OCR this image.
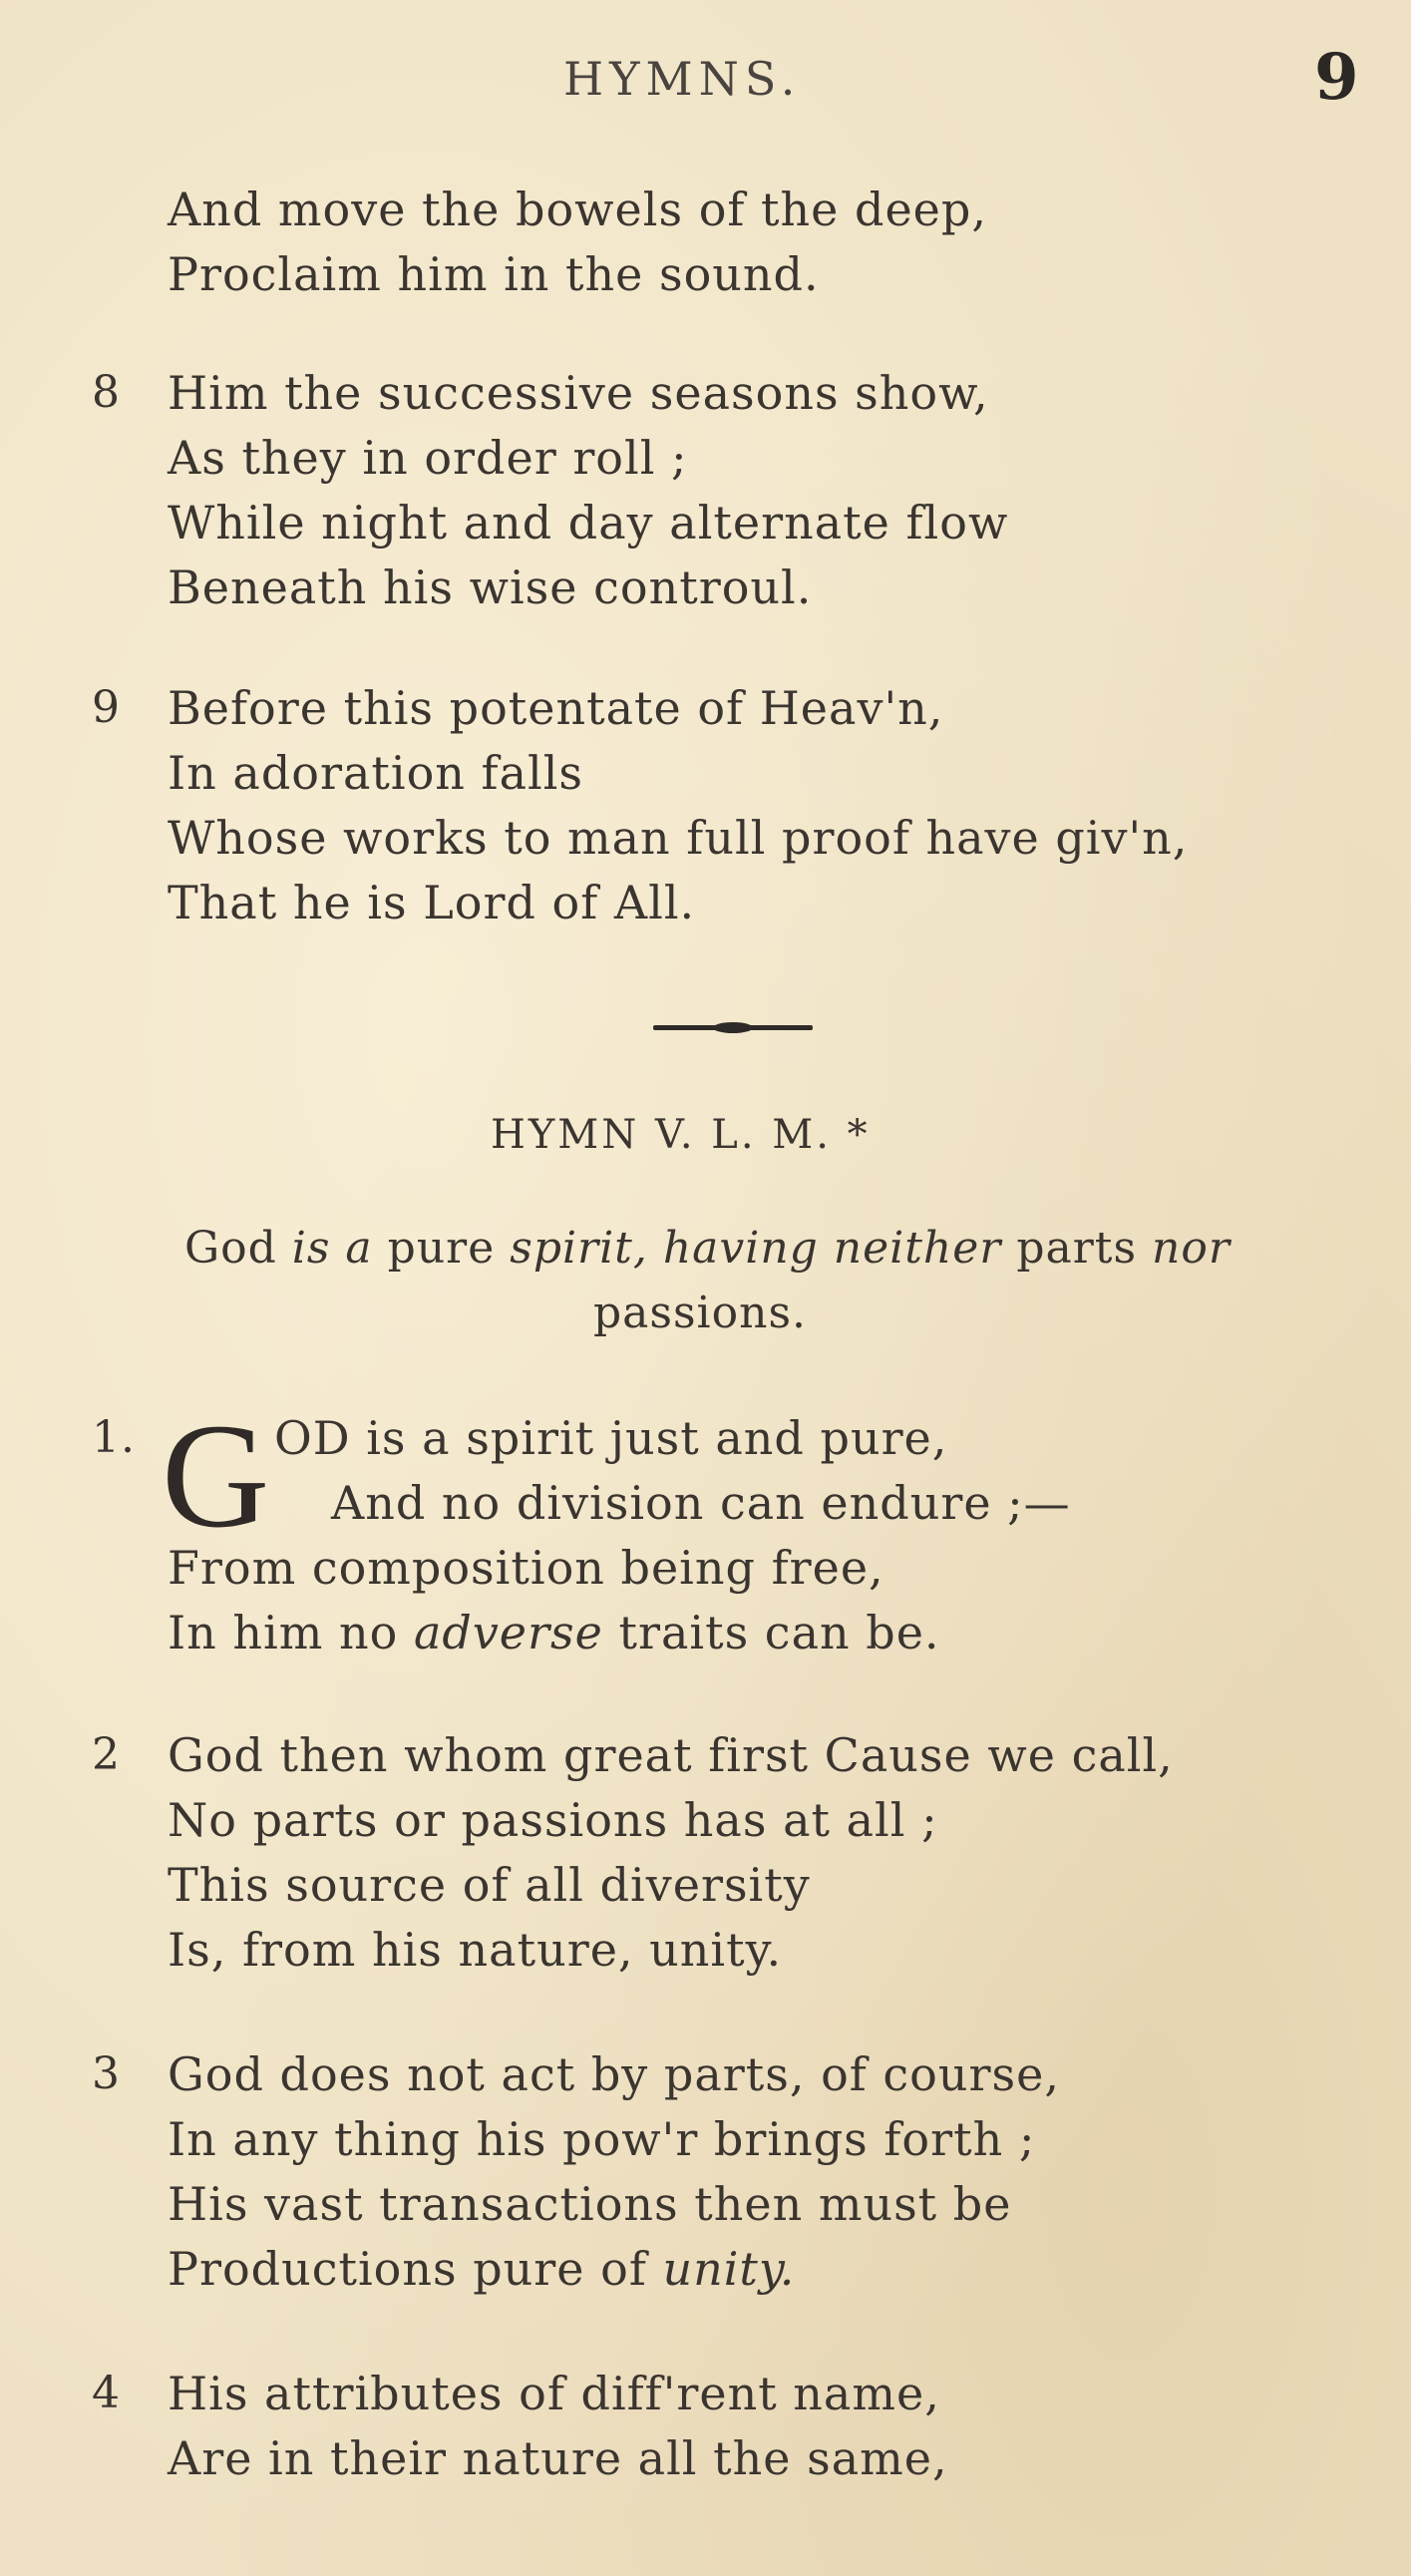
HYMNS.	9
And move the bowels of the deep,
Proclaim him in the sound.
8 Him the successive seasons show,
As they in order roll ;
While night and day alternate flow
Beneath his wise controul.
9 Before this potentate of Heav'n,
In adoration falls
Whose works to man full proof have giv'n,
That he is Lord of All.
HYMN V. L. M. *
God is a pure spirit, having neither parts nor
passions.
1. G OD is a spirit just and pure,
And no division can endure ;—
From composition being free,
In him no adverse traits can be.
2 God then whom great first Cause we call,
No parts or passions has at all ;
This source of all diversity
Is, from his nature, unity.
3 God does not act by parts, of course,
In any thing his pow'r brings forth ;
His vast transactions then must be
Productions pure of unity.
4 His attributes of diff'rent name,
Are in their nature all the same,
